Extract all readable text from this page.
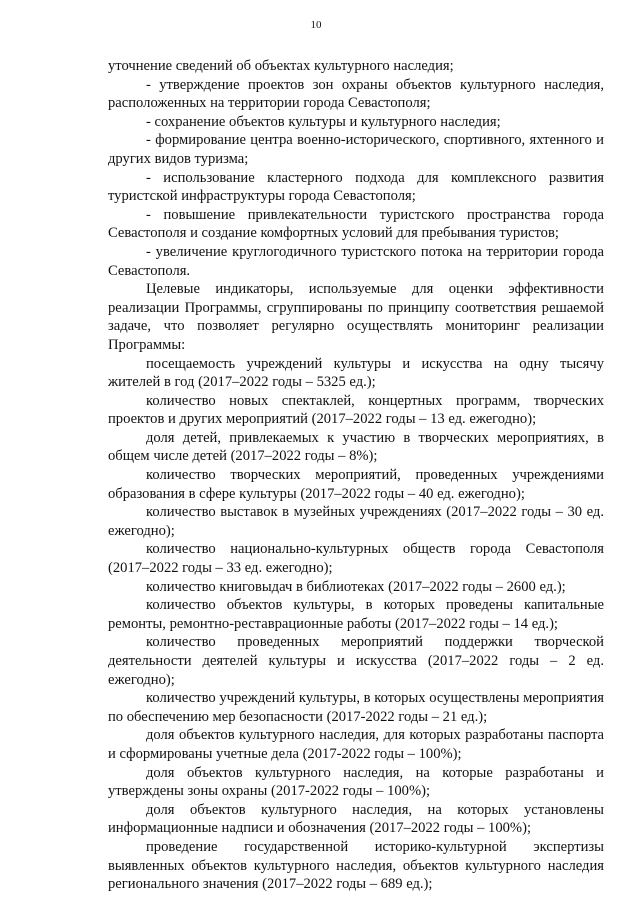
10

уточнение сведений об объектах культурного наследия;

- утверждение проектов зон охраны объектов культурного наследия, расположенных на территории города Севастополя;

- сохранение объектов культуры и культурного наследия;

- формирование центра военно-исторического, спортивного, яхтенного и других видов туризма;

- использование кластерного подхода для комплексного развития туристской инфраструктуры города Севастополя;

- повышение привлекательности туристского пространства города Севастополя и создание комфортных условий для пребывания туристов;

- увеличение круглогодичного туристского потока на территории города Севастополя.

Целевые индикаторы, используемые для оценки эффективности реализации Программы, сгруппированы по принципу соответствия решаемой задаче, что позволяет регулярно осуществлять мониторинг реализации Программы:

посещаемость учреждений культуры и искусства на одну тысячу жителей в год (2017–2022 годы – 5325 ед.);

количество новых спектаклей, концертных программ, творческих проектов и других мероприятий (2017–2022 годы – 13 ед. ежегодно);

доля детей, привлекаемых к участию в творческих мероприятиях, в общем числе детей (2017–2022 годы – 8%);

количество творческих мероприятий, проведенных учреждениями образования в сфере культуры (2017–2022 годы – 40 ед. ежегодно);

количество выставок в музейных учреждениях (2017–2022 годы – 30 ед. ежегодно);

количество национально-культурных обществ города Севастополя (2017–2022 годы – 33 ед. ежегодно);

количество книговыдач в библиотеках (2017–2022 годы – 2600 ед.);

количество объектов культуры, в которых проведены капитальные ремонты, ремонтно-реставрационные работы (2017–2022 годы – 14 ед.);

количество проведенных мероприятий поддержки творческой деятельности деятелей культуры и искусства (2017–2022 годы – 2 ед. ежегодно);

количество учреждений культуры, в которых осуществлены мероприятия по обеспечению мер безопасности (2017-2022 годы – 21 ед.);

доля объектов культурного наследия, для которых разработаны паспорта и сформированы учетные дела (2017-2022 годы – 100%);

доля объектов культурного наследия, на которые разработаны и утверждены зоны охраны (2017-2022 годы – 100%);

доля объектов культурного наследия, на которых установлены информационные надписи и обозначения (2017–2022 годы – 100%);

проведение государственной историко-культурной экспертизы выявленных объектов культурного наследия, объектов культурного наследия регионального значения (2017–2022 годы – 689 ед.);
